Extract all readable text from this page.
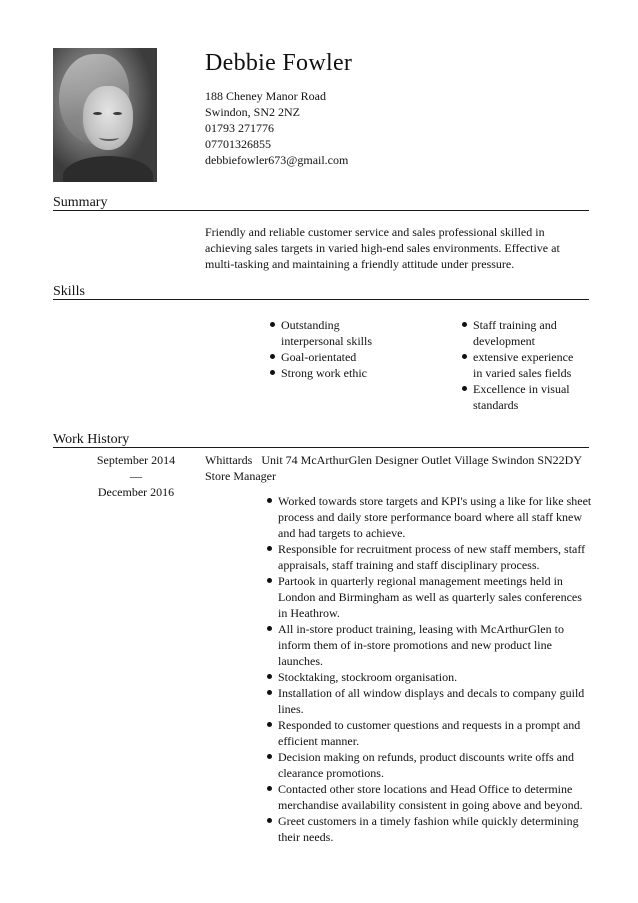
Debbie Fowler
188 Cheney Manor Road
Swindon, SN2 2NZ
01793 271776
07701326855
debbiefowler673@gmail.com
Summary
Friendly and reliable customer service and sales professional skilled in achieving sales targets in varied high-end sales environments. Effective at multi-tasking and maintaining a friendly attitude under pressure.
Skills
Outstanding interpersonal skills
Goal-orientated
Strong work ethic
Staff training and development
extensive experience in varied sales fields
Excellence in visual standards
Work History
September 2014
—
December 2016
Whittards Unit 74 McArthurGlen Designer Outlet Village Swindon SN22DY
Store Manager
Worked towards store targets and KPI's using a like for like sheet process and daily store performance board where all staff knew and had targets to achieve.
Responsible for recruitment process of new staff members, staff appraisals, staff training and staff disciplinary process.
Partook in quarterly regional management meetings held in London and Birmingham as well as quarterly sales conferences in Heathrow.
All in-store product training, leasing with McArthurGlen to inform them of in-store promotions and new product line launches.
Stocktaking, stockroom organisation.
Installation of all window displays and decals to company guild lines.
Responded to customer questions and requests in a prompt and efficient manner.
Decision making on refunds, product discounts write offs and clearance promotions.
Contacted other store locations and Head Office to determine merchandise availability consistent in going above and beyond.
Greet customers in a timely fashion while quickly determining their needs.
